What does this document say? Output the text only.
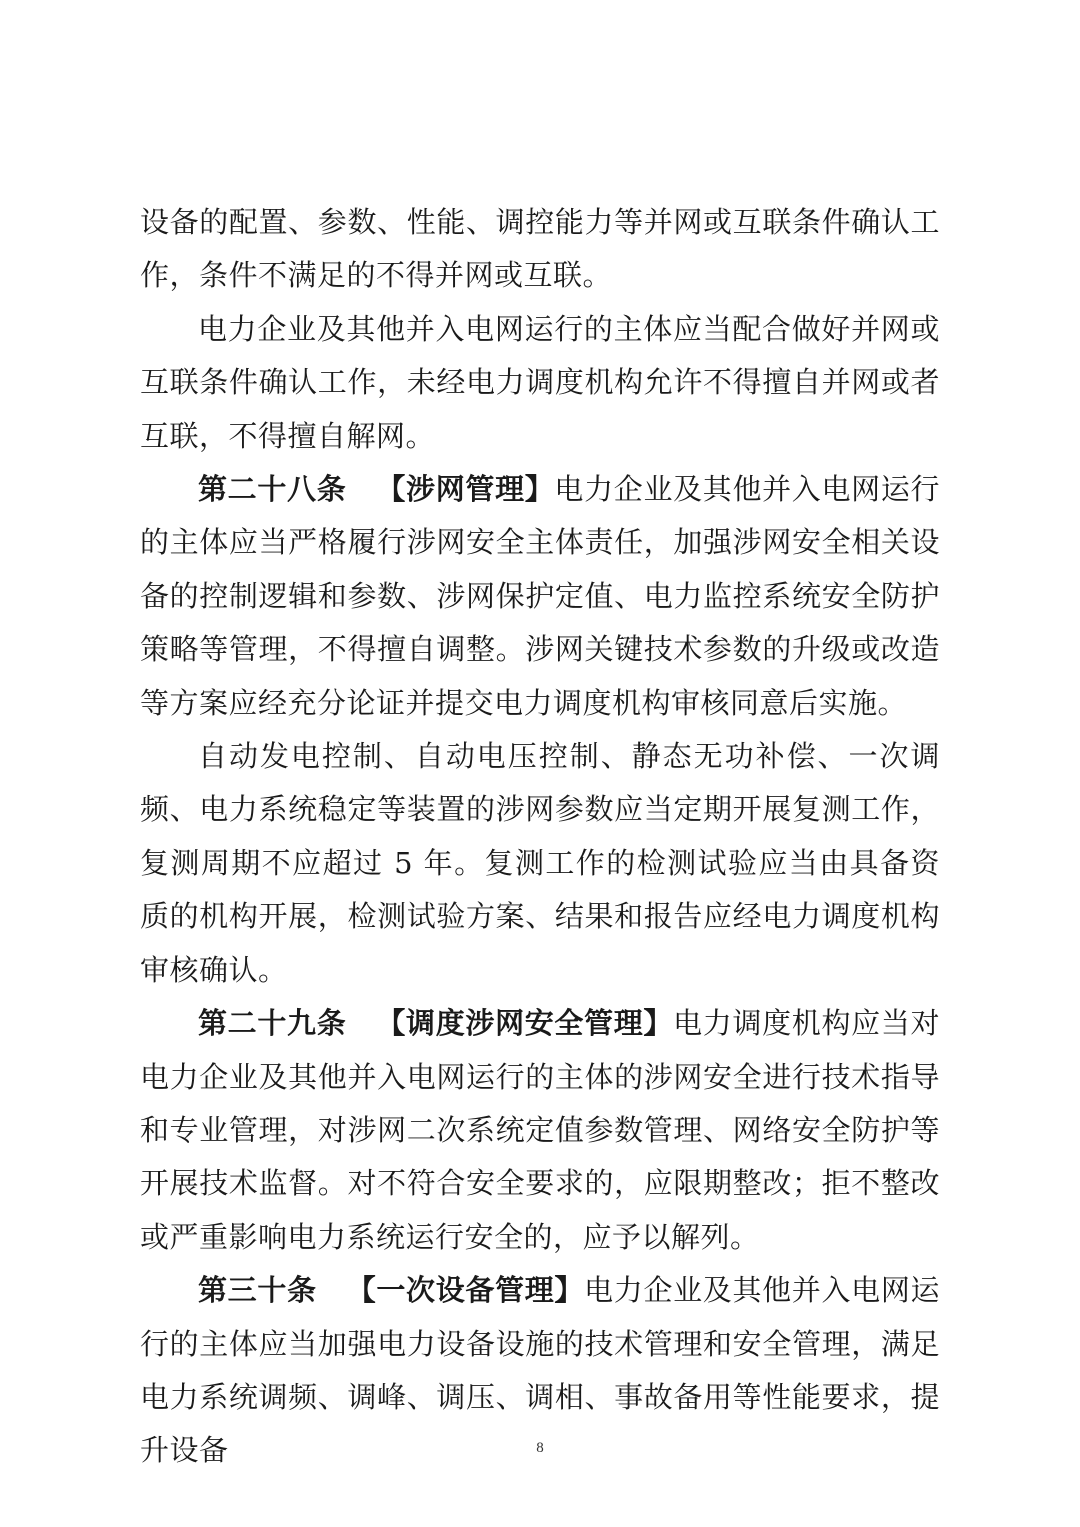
设备的配置、参数、性能、调控能力等并网或互联条件确认工作，条件不满足的不得并网或互联。

电力企业及其他并入电网运行的主体应当配合做好并网或互联条件确认工作，未经电力调度机构允许不得擅自并网或者互联，不得擅自解网。

第二十八条 【涉网管理】电力企业及其他并入电网运行的主体应当严格履行涉网安全主体责任，加强涉网安全相关设备的控制逻辑和参数、涉网保护定值、电力监控系统安全防护策略等管理，不得擅自调整。涉网关键技术参数的升级或改造等方案应经充分论证并提交电力调度机构审核同意后实施。

自动发电控制、自动电压控制、静态无功补偿、一次调频、电力系统稳定等装置的涉网参数应当定期开展复测工作，复测周期不应超过 5 年。复测工作的检测试验应当由具备资质的机构开展，检测试验方案、结果和报告应经电力调度机构审核确认。

第二十九条 【调度涉网安全管理】电力调度机构应当对电力企业及其他并入电网运行的主体的涉网安全进行技术指导和专业管理，对涉网二次系统定值参数管理、网络安全防护等开展技术监督。对不符合安全要求的，应限期整改；拒不整改或严重影响电力系统运行安全的，应予以解列。

第三十条 【一次设备管理】电力企业及其他并入电网运行的主体应当加强电力设备设施的技术管理和安全管理，满足电力系统调频、调峰、调压、调相、事故备用等性能要求，提升设备	8
